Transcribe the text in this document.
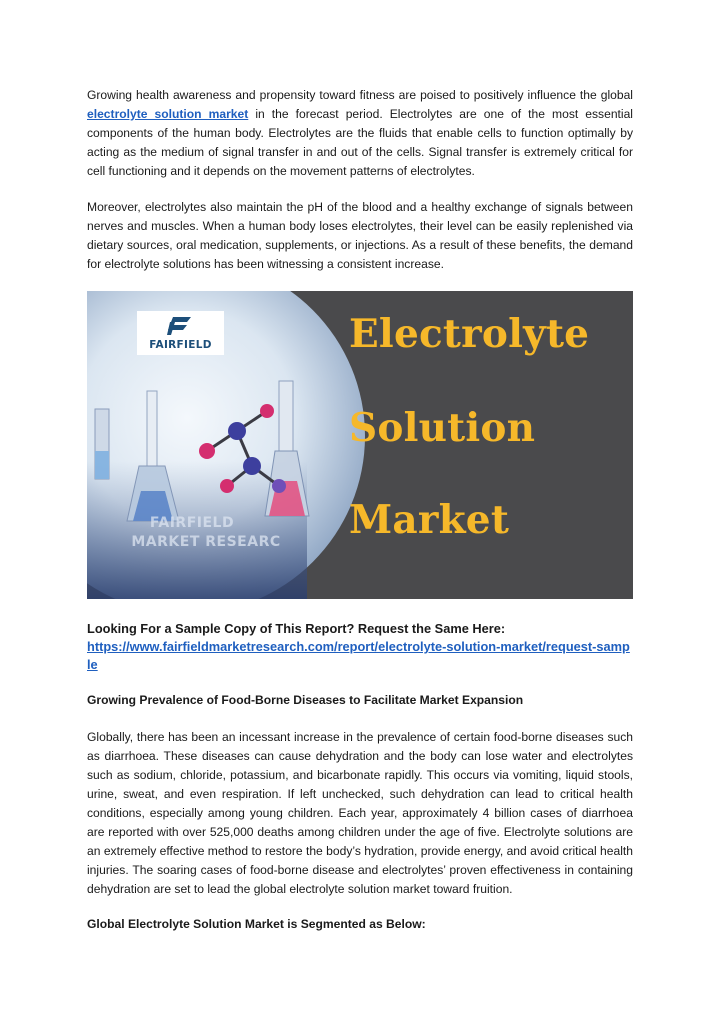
Growing health awareness and propensity toward fitness are poised to positively influence the global electrolyte solution market in the forecast period. Electrolytes are one of the most essential components of the human body. Electrolytes are the fluids that enable cells to function optimally by acting as the medium of signal transfer in and out of the cells. Signal transfer is extremely critical for cell functioning and it depends on the movement patterns of electrolytes.

Moreover, electrolytes also maintain the pH of the blood and a healthy exchange of signals between nerves and muscles. When a human body loses electrolytes, their level can be easily replenished via dietary sources, oral medication, supplements, or injections. As a result of these benefits, the demand for electrolyte solutions has been witnessing a consistent increase.

FAIRFIELD
FAIRFIELD
MARKET RESEARC
Electrolyte
Solution
Market
Looking For a Sample Copy of This Report? Request the Same Here:
https://www.fairfieldmarketresearch.com/report/electrolyte-solution-market/request-sample

Growing Prevalence of Food-Borne Diseases to Facilitate Market Expansion

Globally, there has been an incessant increase in the prevalence of certain food-borne diseases such as diarrhoea. These diseases can cause dehydration and the body can lose water and electrolytes such as sodium, chloride, potassium, and bicarbonate rapidly. This occurs via vomiting, liquid stools, urine, sweat, and even respiration. If left unchecked, such dehydration can lead to critical health conditions, especially among young children. Each year, approximately 4 billion cases of diarrhoea are reported with over 525,000 deaths among children under the age of five. Electrolyte solutions are an extremely effective method to restore the body’s hydration, provide energy, and avoid critical health injuries. The soaring cases of food-borne disease and electrolytes’ proven effectiveness in containing dehydration are set to lead the global electrolyte solution market toward fruition.

Global Electrolyte Solution Market is Segmented as Below:
